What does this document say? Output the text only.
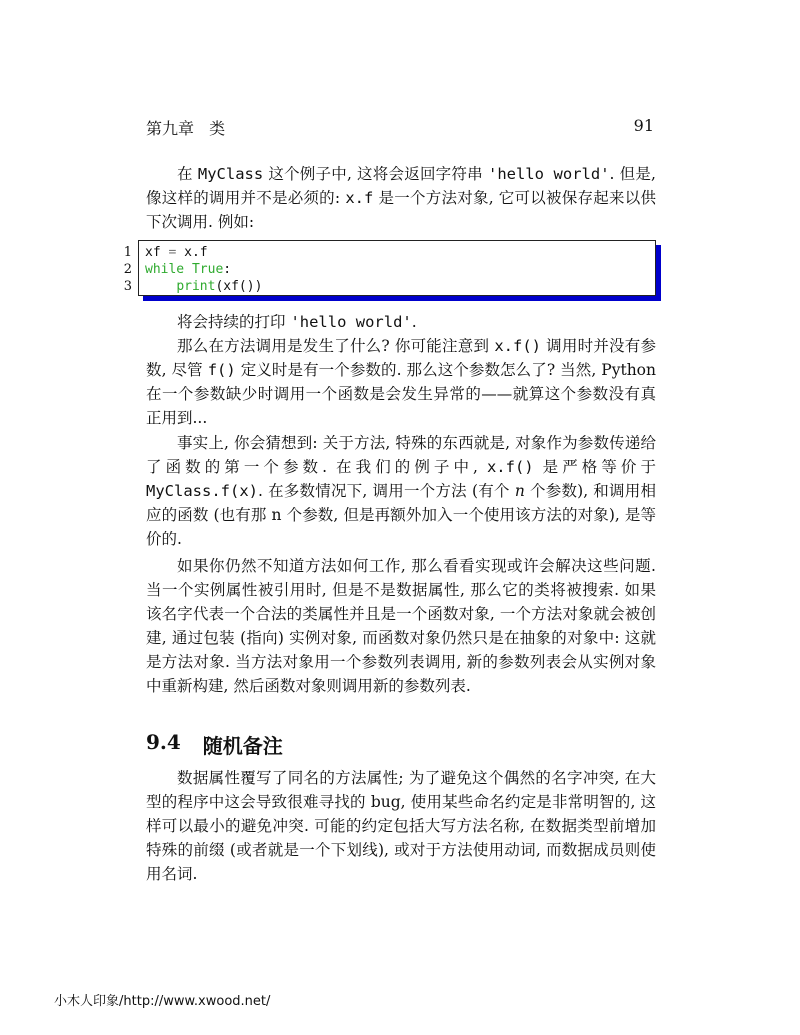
第九章 类	91

在 MyClass 这个例子中, 这将会返回字符串 'hello world'. 但是, 像这样的调用并不是必须的: x.f 是一个方法对象, 它可以被保存起来以供下次调用. 例如:

1
2
3
xf = x.f
while True:
print(xf())

将会持续的打印 'hello world'.

那么在方法调用是发生了什么? 你可能注意到 x.f() 调用时并没有参数, 尽管 f() 定义时是有一个参数的. 那么这个参数怎么了? 当然, Python 在一个参数缺少时调用一个函数是会发生异常的——就算这个参数没有真正用到...

事实上, 你会猜想到: 关于方法, 特殊的东西就是, 对象作为参数传递给了函数的第一个参数. 在我们的例子中, x.f() 是严格等价于 MyClass.f(x). 在多数情况下, 调用一个方法 (有个 n 个参数), 和调用相应的函数 (也有那 n 个参数, 但是再额外加入一个使用该方法的对象), 是等价的.

如果你仍然不知道方法如何工作, 那么看看实现或许会解决这些问题. 当一个实例属性被引用时, 但是不是数据属性, 那么它的类将被搜索. 如果该名字代表一个合法的类属性并且是一个函数对象, 一个方法对象就会被创建, 通过包装 (指向) 实例对象, 而函数对象仍然只是在抽象的对象中: 这就是方法对象. 当方法对象用一个参数列表调用, 新的参数列表会从实例对象中重新构建, 然后函数对象则调用新的参数列表.

9.4 随机备注

数据属性覆写了同名的方法属性; 为了避免这个偶然的名字冲突, 在大型的程序中这会导致很难寻找的 bug, 使用某些命名约定是非常明智的, 这样可以最小的避免冲突. 可能的约定包括大写方法名称, 在数据类型前增加特殊的前缀 (或者就是一个下划线), 或对于方法使用动词, 而数据成员则使用名词.

小木人印象/http://www.xwood.net/
